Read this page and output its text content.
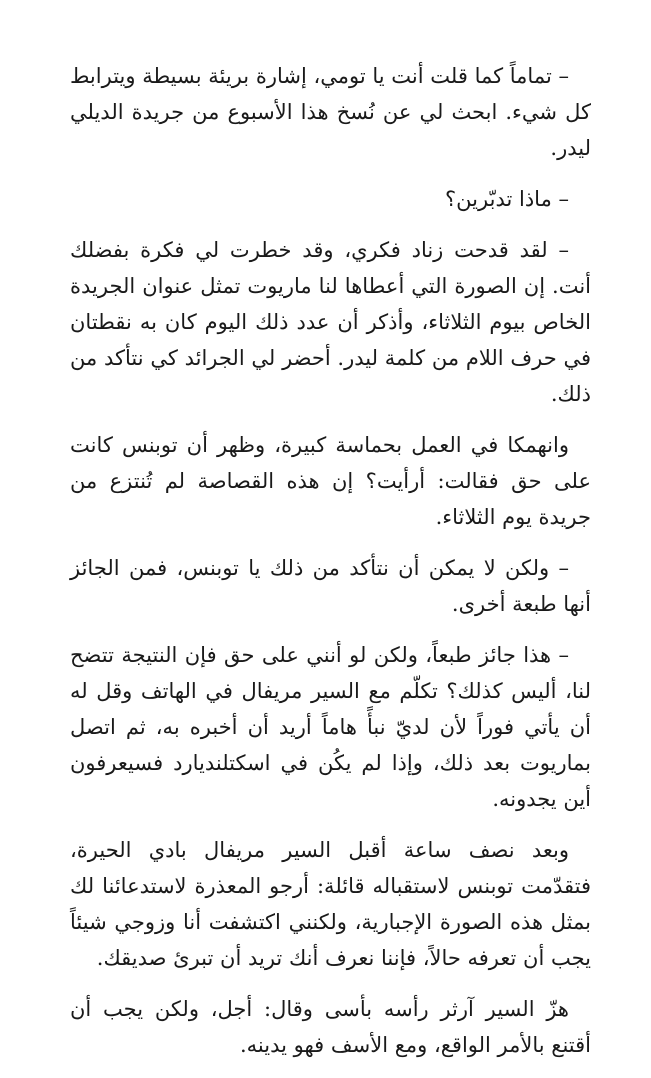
– تماماً كما قلت أنت يا تومي، إشارة بريئة بسيطة ويترابط كل شيء. ابحث لي عن نُسخ هذا الأسبوع من جريدة الديلي ليدر.

– ماذا تدبّرين؟

– لقد قدحت زناد فكري، وقد خطرت لي فكرة بفضلك أنت. إن الصورة التي أعطاها لنا ماريوت تمثل عنوان الجريدة الخاص بيوم الثلاثاء، وأذكر أن عدد ذلك اليوم كان به نقطتان في حرف اللام من كلمة ليدر. أحضر لي الجرائد كي نتأكد من ذلك.

وانهمكا في العمل بحماسة كبيرة، وظهر أن توبنس كانت على حق فقالت: أرأيت؟ إن هذه القصاصة لم تُنتزع من جريدة يوم الثلاثاء.

– ولكن لا يمكن أن نتأكد من ذلك يا توبنس، فمن الجائز أنها طبعة أخرى.

– هذا جائز طبعاً، ولكن لو أنني على حق فإن النتيجة تتضح لنا، أليس كذلك؟ تكلّم مع السير مريفال في الهاتف وقل له أن يأتي فوراً لأن لديّ نبأً هاماً أريد أن أخبره به، ثم اتصل بماريوت بعد ذلك، وإذا لم يكُن في اسكتلنديارد فسيعرفون أين يجدونه.

وبعد نصف ساعة أقبل السير مريفال بادي الحيرة، فتقدّمت توبنس لاستقباله قائلة: أرجو المعذرة لاستدعائنا لك بمثل هذه الصورة الإجبارية، ولكنني اكتشفت أنا وزوجي شيئاً يجب أن تعرفه حالاً، فإننا نعرف أنك تريد أن تبرئ صديقك.

هزّ السير آرثر رأسه بأسى وقال: أجل، ولكن يجب أن أقتنع بالأمر الواقع، ومع الأسف فهو يدينه.
